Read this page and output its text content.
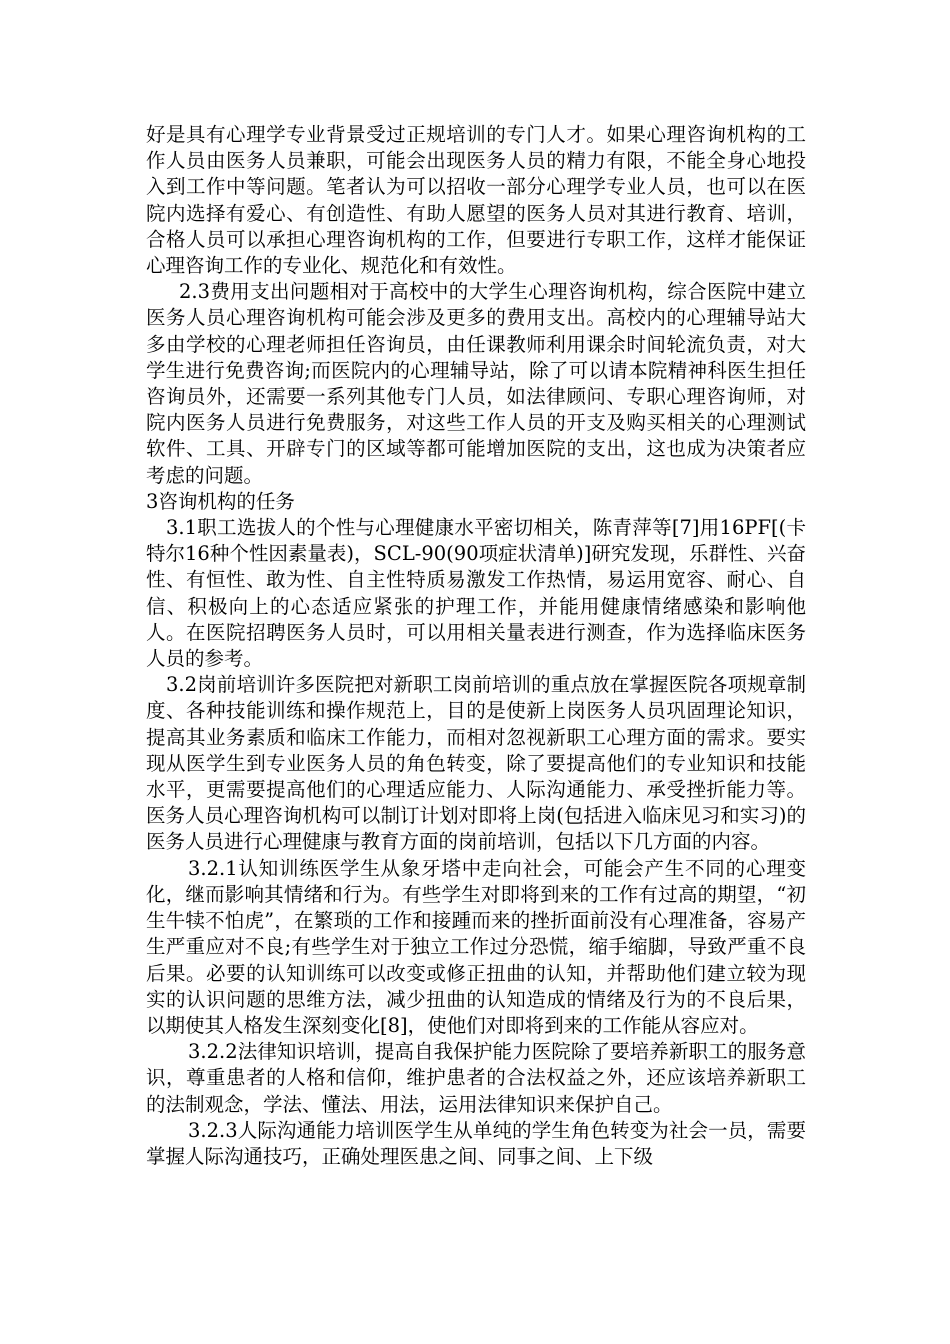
好是具有心理学专业背景受过正规培训的专门人才。如果心理咨询机构的工作人员由医务人员兼职，可能会出现医务人员的精力有限，不能全身心地投入到工作中等问题。笔者认为可以招收一部分心理学专业人员，也可以在医院内选择有爱心、有创造性、有助人愿望的医务人员对其进行教育、培训，合格人员可以承担心理咨询机构的工作，但要进行专职工作，这样才能保证心理咨询工作的专业化、规范化和有效性。

2.3费用支出问题相对于高校中的大学生心理咨询机构，综合医院中建立医务人员心理咨询机构可能会涉及更多的费用支出。高校内的心理辅导站大多由学校的心理老师担任咨询员，由任课教师利用课余时间轮流负责，对大学生进行免费咨询;而医院内的心理辅导站，除了可以请本院精神科医生担任咨询员外，还需要一系列其他专门人员，如法律顾问、专职心理咨询师，对院内医务人员进行免费服务，对这些工作人员的开支及购买相关的心理测试软件、工具、开辟专门的区域等都可能增加医院的支出，这也成为决策者应考虑的问题。

3咨询机构的任务

3.1职工选拔人的个性与心理健康水平密切相关，陈青萍等[7]用16PF[(卡特尔16种个性因素量表)，SCL-90(90项症状清单)]研究发现，乐群性、兴奋性、有恒性、敢为性、自主性特质易激发工作热情，易运用宽容、耐心、自信、积极向上的心态适应紧张的护理工作，并能用健康情绪感染和影响他人。在医院招聘医务人员时，可以用相关量表进行测查，作为选择临床医务人员的参考。

3.2岗前培训许多医院把对新职工岗前培训的重点放在掌握医院各项规章制度、各种技能训练和操作规范上，目的是使新上岗医务人员巩固理论知识，提高其业务素质和临床工作能力，而相对忽视新职工心理方面的需求。要实现从医学生到专业医务人员的角色转变，除了要提高他们的专业知识和技能水平，更需要提高他们的心理适应能力、人际沟通能力、承受挫折能力等。医务人员心理咨询机构可以制订计划对即将上岗(包括进入临床见习和实习)的医务人员进行心理健康与教育方面的岗前培训，包括以下几方面的内容。

3.2.1认知训练医学生从象牙塔中走向社会，可能会产生不同的心理变化，继而影响其情绪和行为。有些学生对即将到来的工作有过高的期望，“初生牛犊不怕虎”，在繁琐的工作和接踵而来的挫折面前没有心理准备，容易产生严重应对不良;有些学生对于独立工作过分恐慌，缩手缩脚，导致严重不良后果。必要的认知训练可以改变或修正扭曲的认知，并帮助他们建立较为现实的认识问题的思维方法，减少扭曲的认知造成的情绪及行为的不良后果，以期使其人格发生深刻变化[8]，使他们对即将到来的工作能从容应对。

3.2.2法律知识培训，提高自我保护能力医院除了要培养新职工的服务意识，尊重患者的人格和信仰，维护患者的合法权益之外，还应该培养新职工的法制观念，学法、懂法、用法，运用法律知识来保护自己。

3.2.3人际沟通能力培训医学生从单纯的学生角色转变为社会一员，需要掌握人际沟通技巧，正确处理医患之间、同事之间、上下级
